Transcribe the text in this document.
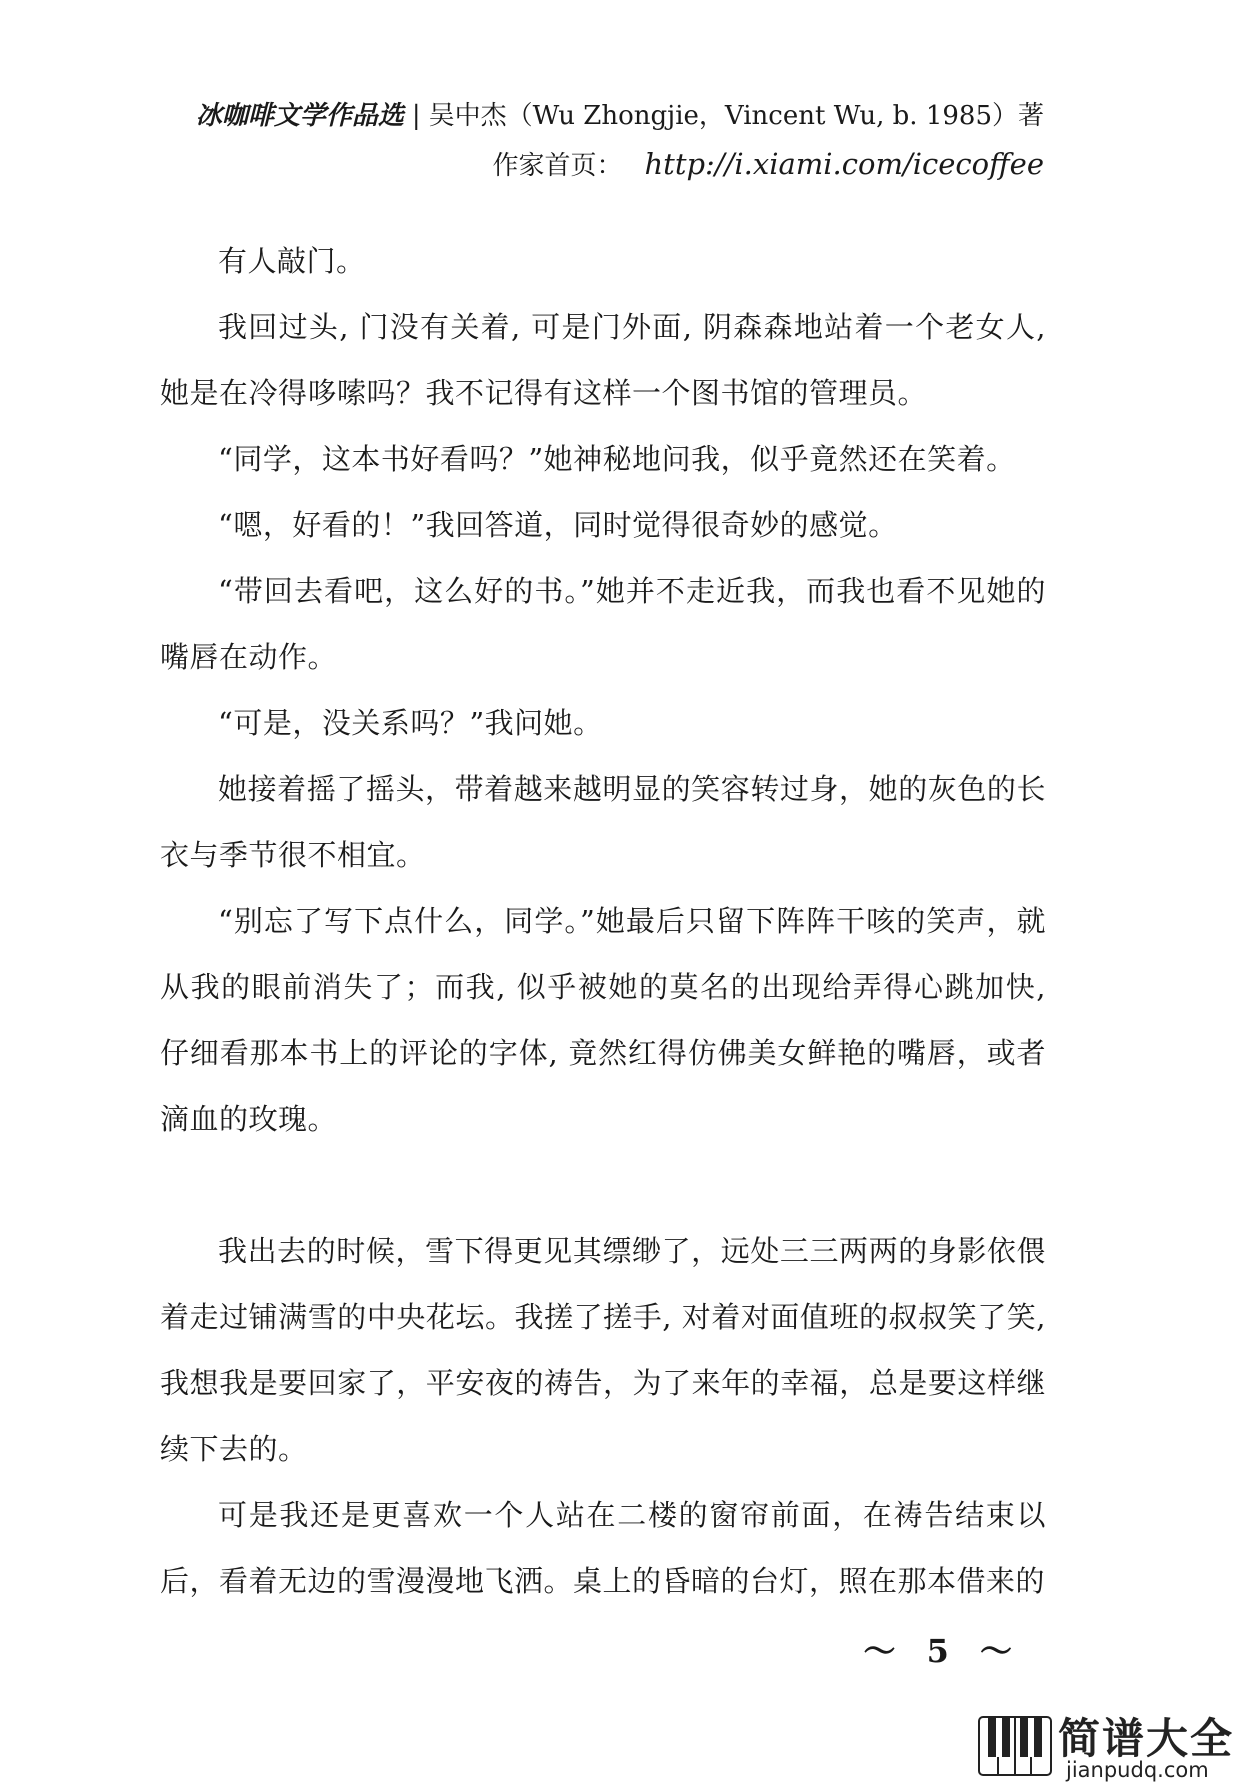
冰咖啡文学作品选 | 吴中杰（Wu Zhongjie，Vincent Wu, b. 1985）著
作家首页： http://i.xiami.com/icecoffee

有人敲门。

我回过头, 门没有关着, 可是门外面, 阴森森地站着一个老女人, 她是在冷得哆嗦吗？我不记得有这样一个图书馆的管理员。

“同学，这本书好看吗？”她神秘地问我，似乎竟然还在笑着。

“嗯，好看的！”我回答道，同时觉得很奇妙的感觉。

“带回去看吧，这么好的书。”她并不走近我，而我也看不见她的嘴唇在动作。

“可是，没关系吗？”我问她。

她接着摇了摇头，带着越来越明显的笑容转过身，她的灰色的长衣与季节很不相宜。

“别忘了写下点什么，同学。”她最后只留下阵阵干咳的笑声，就从我的眼前消失了；而我, 似乎被她的莫名的出现给弄得心跳加快, 仔细看那本书上的评论的字体, 竟然红得仿佛美女鲜艳的嘴唇，或者滴血的玫瑰。

我出去的时候，雪下得更见其缥缈了，远处三三两两的身影依偎着走过铺满雪的中央花坛。我搓了搓手, 对着对面值班的叔叔笑了笑, 我想我是要回家了，平安夜的祷告，为了来年的幸福，总是要这样继续下去的。

可是我还是更喜欢一个人站在二楼的窗帘前面，在祷告结束以后，看着无边的雪漫漫地飞洒。桌上的昏暗的台灯，照在那本借来的

～ 5 ～
简谱大全
jianpudq.com
